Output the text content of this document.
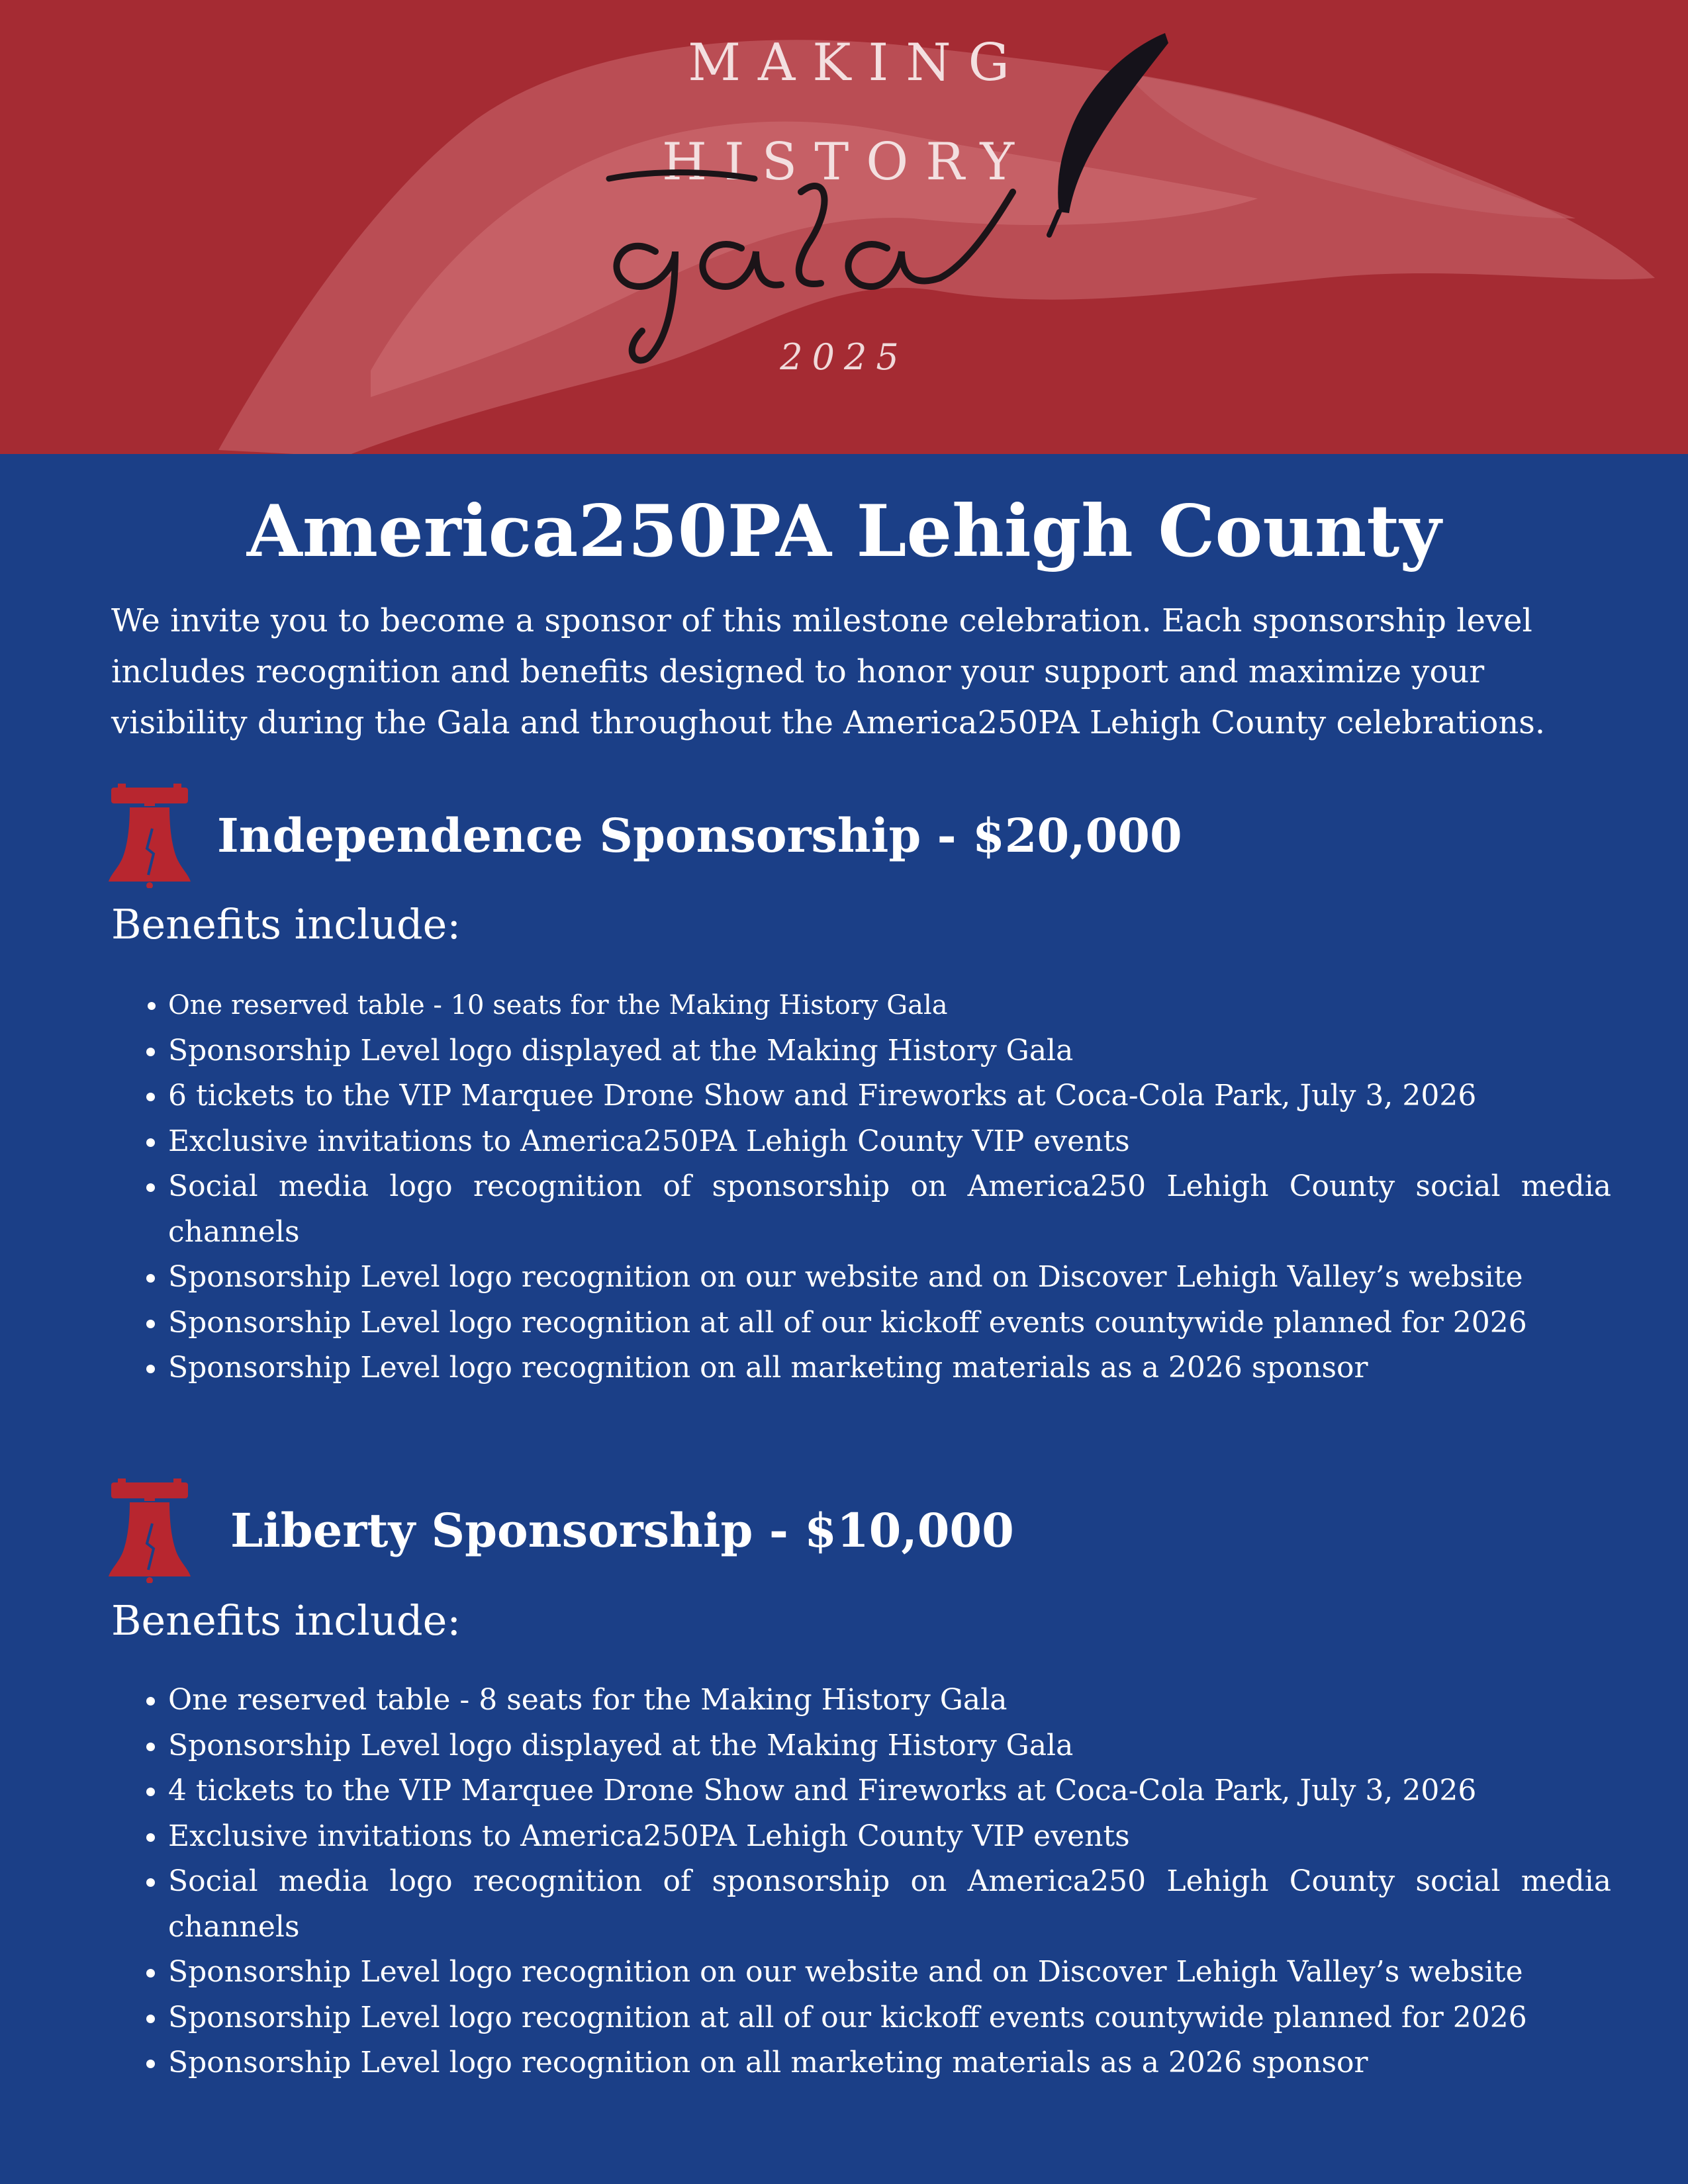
MAKING
HISTORY
2025
America250PA Lehigh County

We invite you to become a sponsor of this milestone celebration. Each sponsorship level includes recognition and benefits designed to honor your support and maximize your visibility during the Gala and throughout the America250PA Lehigh County celebrations.

Independence Sponsorship - $20,000

Benefits include:

• One reserved table - 10 seats for the Making History Gala
• Sponsorship Level logo displayed at the Making History Gala
• 6 tickets to the VIP Marquee Drone Show and Fireworks at Coca-Cola Park, July 3, 2026
• Exclusive invitations to America250PA Lehigh County VIP events
• Social media logo recognition of sponsorship on America250 Lehigh County social media channels
• Sponsorship Level logo recognition on our website and on Discover Lehigh Valley’s website
• Sponsorship Level logo recognition at all of our kickoff events countywide planned for 2026
• Sponsorship Level logo recognition on all marketing materials as a 2026 sponsor
Liberty Sponsorship - $10,000

Benefits include:

• One reserved table - 8 seats for the Making History Gala
• Sponsorship Level logo displayed at the Making History Gala
• 4 tickets to the VIP Marquee Drone Show and Fireworks at Coca-Cola Park, July 3, 2026
• Exclusive invitations to America250PA Lehigh County VIP events
• Social media logo recognition of sponsorship on America250 Lehigh County social media channels
• Sponsorship Level logo recognition on our website and on Discover Lehigh Valley’s website
• Sponsorship Level logo recognition at all of our kickoff events countywide planned for 2026
• Sponsorship Level logo recognition on all marketing materials as a 2026 sponsor
